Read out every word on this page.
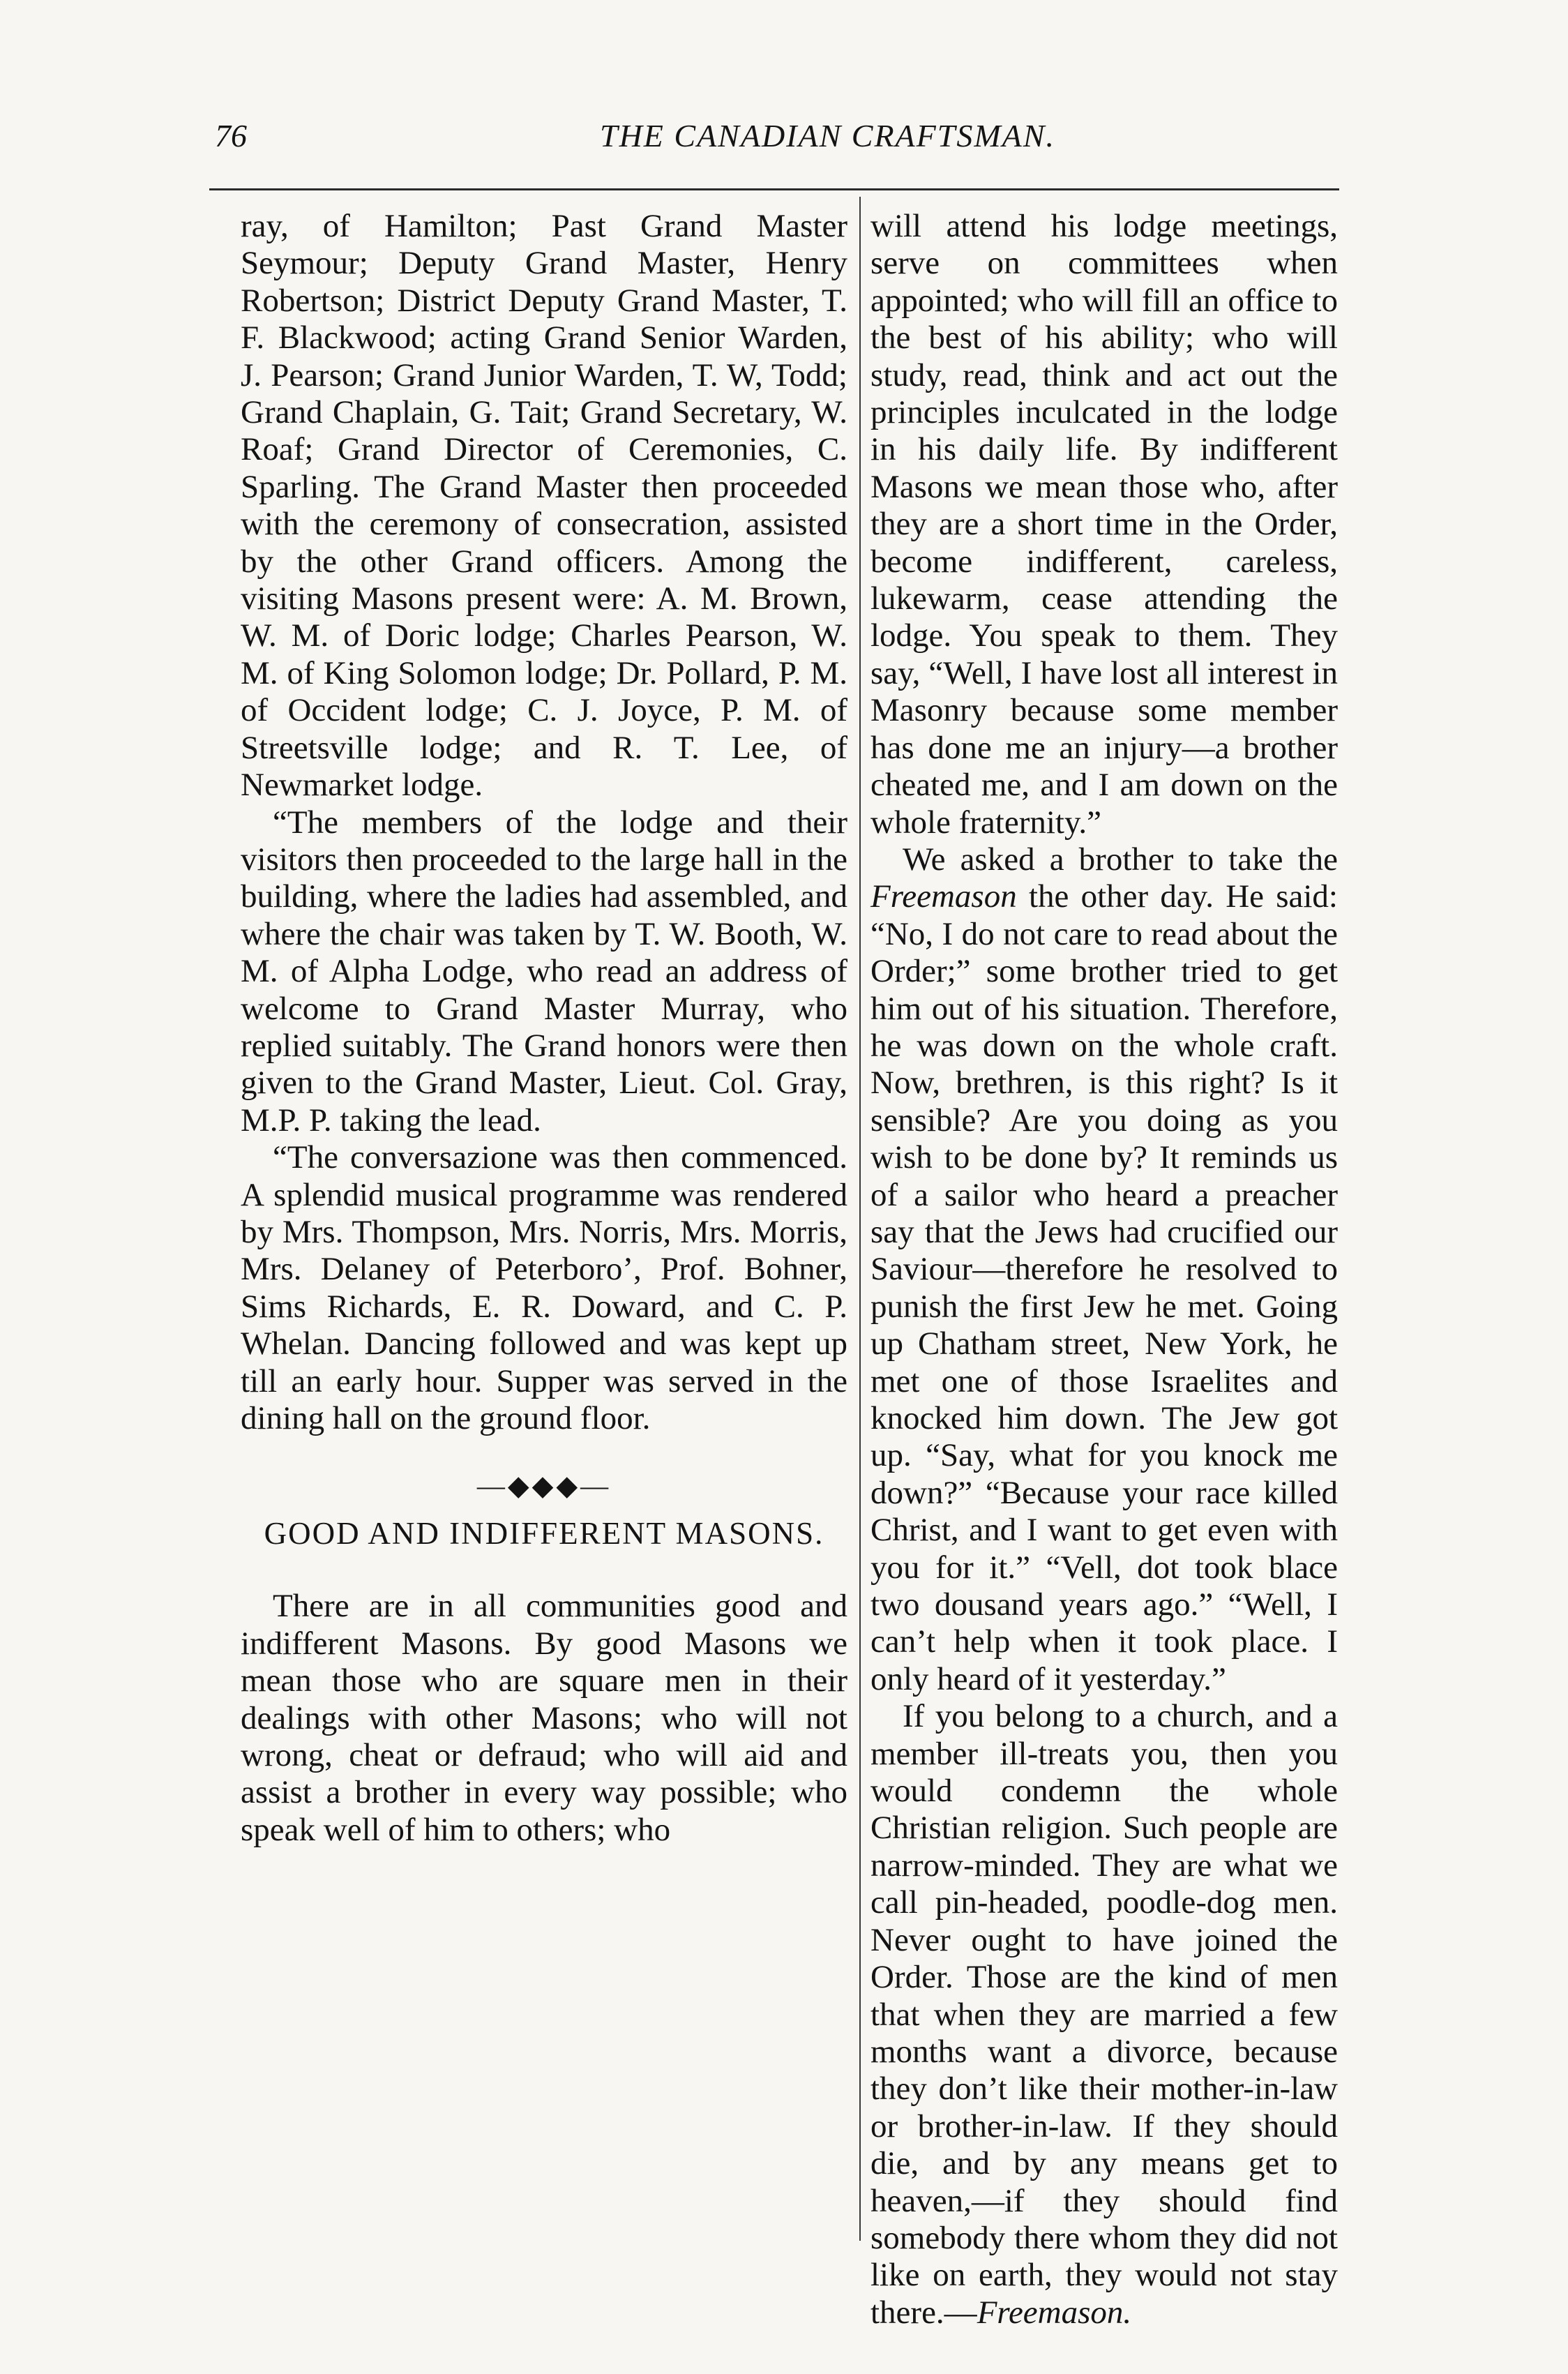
76	THE CANADIAN CRAFTSMAN.

ray, of Hamilton; Past Grand Master Seymour; Deputy Grand Master, Henry Robertson; District Deputy Grand Master, T. F. Blackwood; acting Grand Senior Warden, J. Pearson; Grand Junior Warden, T. W, Todd; Grand Chaplain, G. Tait; Grand Secretary, W. Roaf; Grand Director of Ceremonies, C. Sparling. The Grand Master then proceeded with the ceremony of consecration, assisted by the other Grand officers. Among the visiting Masons present were: A. M. Brown, W. M. of Doric lodge; Charles Pearson, W. M. of King Solomon lodge; Dr. Pollard, P. M. of Occident lodge; C. J. Joyce, P. M. of Streetsville lodge; and R. T. Lee, of Newmarket lodge.

“The members of the lodge and their visitors then proceeded to the large hall in the building, where the ladies had assembled, and where the chair was taken by T. W. Booth, W. M. of Alpha Lodge, who read an address of welcome to Grand Master Murray, who replied suitably. The Grand honors were then given to the Grand Master, Lieut. Col. Gray, M.P. P. taking the lead.

“The conversazione was then commenced. A splendid musical programme was rendered by Mrs. Thompson, Mrs. Norris, Mrs. Morris, Mrs. Delaney of Peterboro’, Prof. Bohner, Sims Richards, E. R. Doward, and C. P. Whelan. Dancing followed and was kept up till an early hour. Supper was served in the dining hall on the ground floor.

—◆◆◆—
GOOD AND INDIFFERENT MASONS.

There are in all communities good and indifferent Masons. By good Masons we mean those who are square men in their dealings with other Masons; who will not wrong, cheat or defraud; who will aid and assist a brother in every way possible; who speak well of him to others; who

will attend his lodge meetings, serve on committees when appointed; who will fill an office to the best of his ability; who will study, read, think and act out the principles inculcated in the lodge in his daily life. By indifferent Masons we mean those who, after they are a short time in the Order, become indifferent, careless, lukewarm, cease attending the lodge. You speak to them. They say, “Well, I have lost all interest in Masonry because some member has done me an injury—a brother cheated me, and I am down on the whole fraternity.”

We asked a brother to take the Freemason the other day. He said: “No, I do not care to read about the Order;” some brother tried to get him out of his situation. Therefore, he was down on the whole craft. Now, brethren, is this right? Is it sensible? Are you doing as you wish to be done by? It reminds us of a sailor who heard a preacher say that the Jews had crucified our Saviour—therefore he resolved to punish the first Jew he met. Going up Chatham street, New York, he met one of those Israelites and knocked him down. The Jew got up. “Say, what for you knock me down?” “Because your race killed Christ, and I want to get even with you for it.” “Vell, dot took blace two dousand years ago.” “Well, I can’t help when it took place. I only heard of it yesterday.”

If you belong to a church, and a member ill-treats you, then you would condemn the whole Christian religion. Such people are narrow-minded. They are what we call pin-headed, poodle-dog men. Never ought to have joined the Order. Those are the kind of men that when they are married a few months want a divorce, because they don’t like their mother-in-law or brother-in-law. If they should die, and by any means get to heaven,—if they should find somebody there whom they did not like on earth, they would not stay there.—Freemason.
